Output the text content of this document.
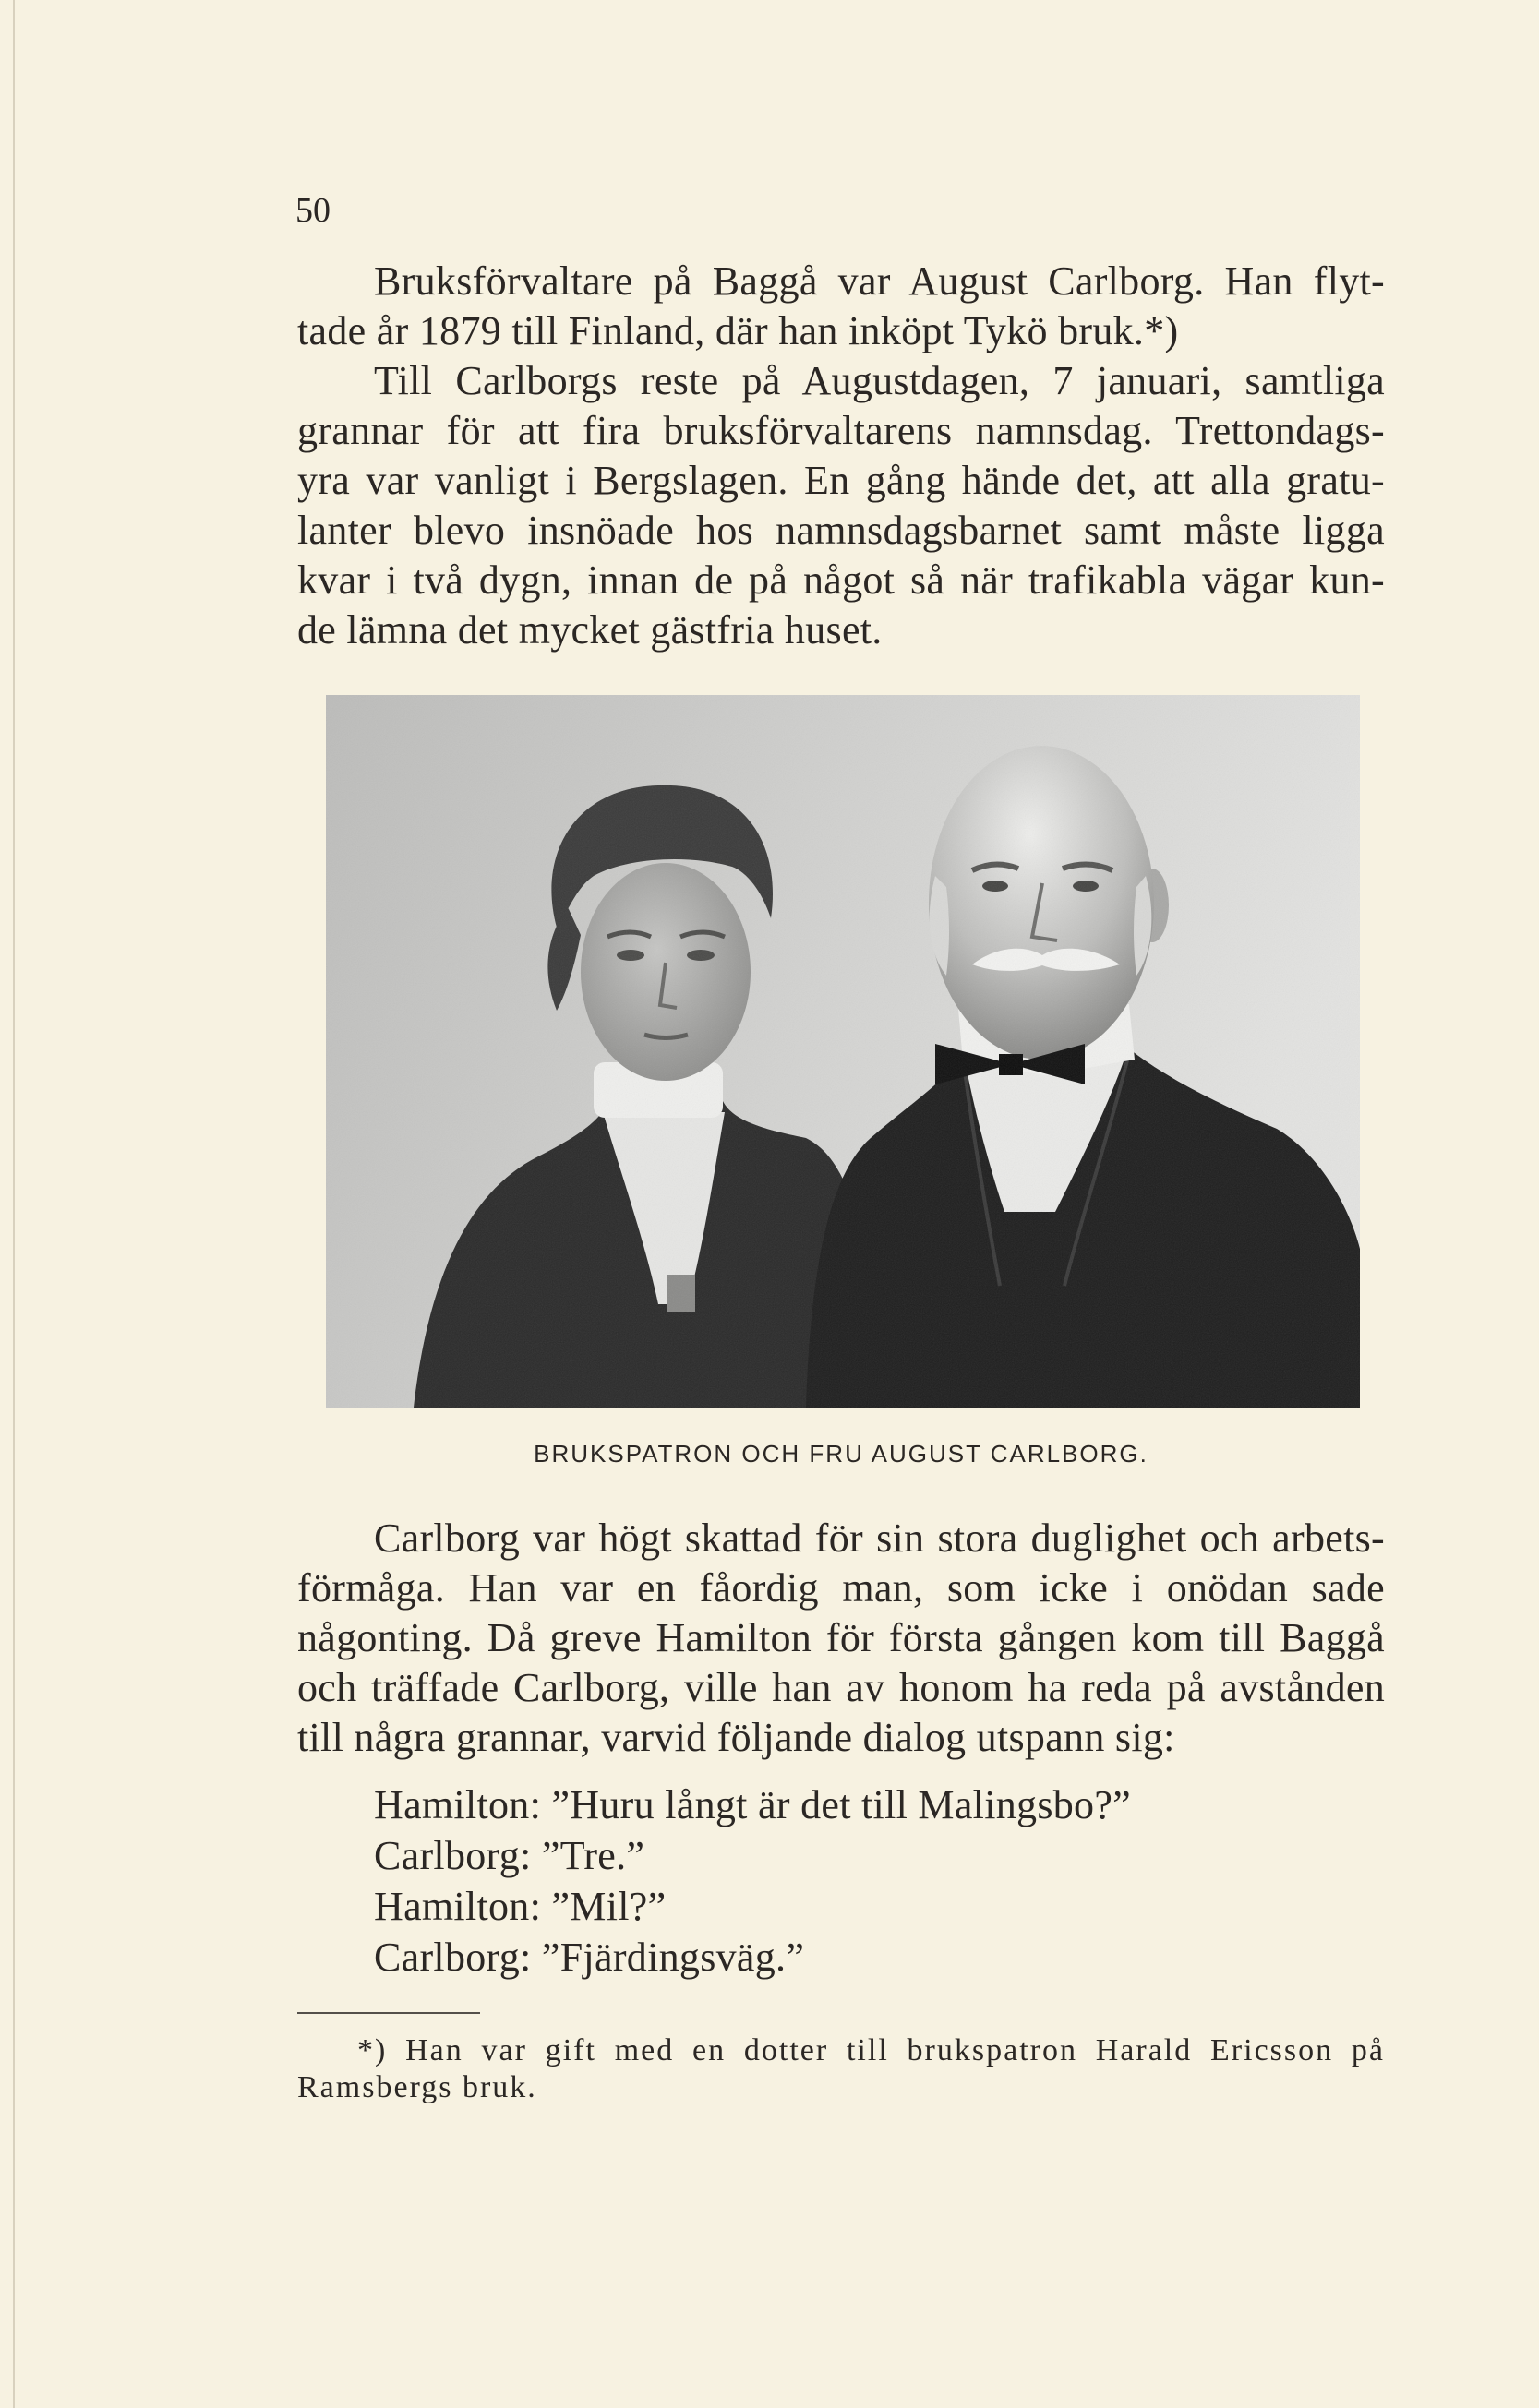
50
Bruksförvaltare på Baggå var August Carlborg. Han flyt-
tade år 1879 till Finland, där han inköpt Tykö bruk.*)
Till Carlborgs reste på Augustdagen, 7 januari, samtliga
grannar för att fira bruksförvaltarens namnsdag. Trettondags-
yra var vanligt i Bergslagen. En gång hände det, att alla gratu-
lanter blevo insnöade hos namnsdagsbarnet samt måste ligga
kvar i två dygn, innan de på något så när trafikabla vägar kun-
de lämna det mycket gästfria huset.
BRUKSPATRON OCH FRU AUGUST CARLBORG.
Carlborg var högt skattad för sin stora duglighet och arbets-
förmåga. Han var en fåordig man, som icke i onödan sade
någonting. Då greve Hamilton för första gången kom till Baggå
och träffade Carlborg, ville han av honom ha reda på avstånden
till några grannar, varvid följande dialog utspann sig:
Hamilton: ”Huru långt är det till Malingsbo?”
Carlborg: ”Tre.”
Hamilton: ”Mil?”
Carlborg: ”Fjärdingsväg.”
*) Han var gift med en dotter till brukspatron Harald Ericsson på
Ramsbergs bruk.
